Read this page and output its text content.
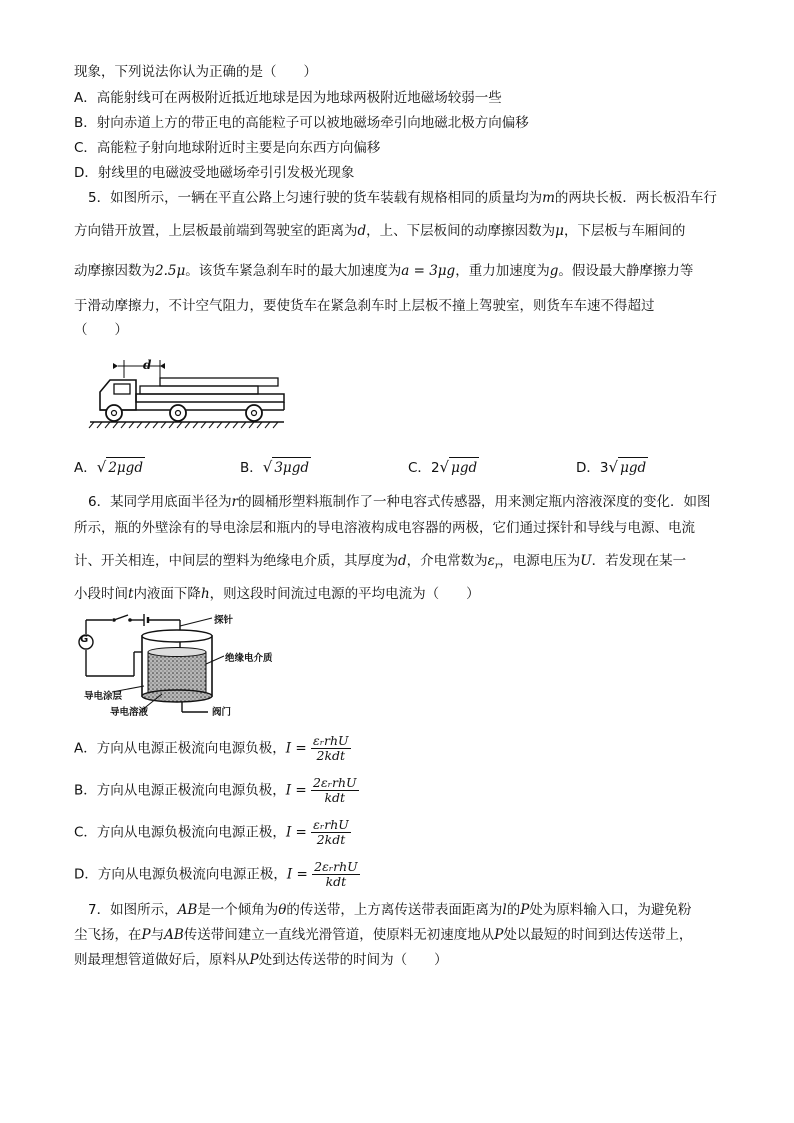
现象，下列说法你认为正确的是（　　）
A．高能射线可在两极附近抵近地球是因为地球两极附近地磁场较弱一些
B．射向赤道上方的带正电的高能粒子可以被地磁场牵引向地磁北极方向偏移
C．高能粒子射向地球附近时主要是向东西方向偏移
D．射线里的电磁波受地磁场牵引引发极光现象
5．如图所示，一辆在平直公路上匀速行驶的货车装载有规格相同的质量均为m的两块长板．两长板沿车行
方向错开放置，上层板最前端到驾驶室的距离为d，上、下层板间的动摩擦因数为μ，下层板与车厢间的
动摩擦因数为2.5μ。该货车紧急刹车时的最大加速度为a = 3μg，重力加速度为g。假设最大静摩擦力等
于滑动摩擦力，不计空气阻力，要使货车在紧急刹车时上层板不撞上驾驶室，则货车车速不得超过
（　　）
d
A．√ 2μgd	B．√ 3μgd	C．2√ μgd	D．3√ μgd
6．某同学用底面半径为r的圆桶形塑料瓶制作了一种电容式传感器，用来测定瓶内溶液深度的变化．如图
所示，瓶的外壁涂有的导电涂层和瓶内的导电溶液构成电容器的两极，它们通过探针和导线与电源、电流
计、开关相连，中间层的塑料为绝缘电介质，其厚度为d，介电常数为$\varepsilon_r$，电源电压为U．若发现在某一
小段时间t内液面下降h，则这段时间流过电源的平均电流为（　　）
G
探针
绝缘电介质
导电涂层
导电溶液	阀门
A．方向从电源正极流向电源负极，$I = \frac{\text{εᵣrhU}}{\text{2kdt}}$
B．方向从电源正极流向电源负极，$I = \frac{\text{2εᵣrhU}}{\text{kdt}}$
C．方向从电源负极流向电源正极，$I = \frac{\text{εᵣrhU}}{\text{2kdt}}$
D．方向从电源负极流向电源正极，$I = \frac{\text{2εᵣrhU}}{\text{kdt}}$
7．如图所示，AB是一个倾角为θ的传送带，上方离传送带表面距离为l的P处为原料输入口，为避免粉
尘飞扬，在P与AB传送带间建立一直线光滑管道，使原料无初速度地从P处以最短的时间到达传送带上，
则最理想管道做好后，原料从P处到达传送带的时间为（　　）
